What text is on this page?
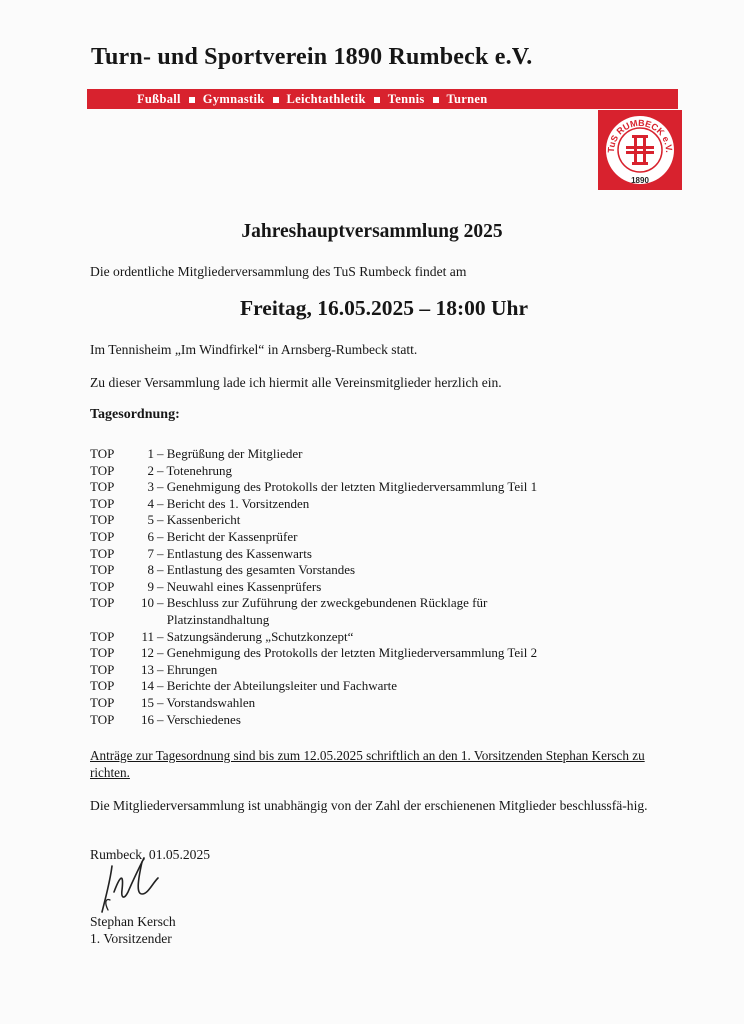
Turn- und Sportverein 1890 Rumbeck e.V.
Fußball Gymnastik Leichtathletik Tennis Turnen
TuS RUMBECK e.V.
1890
Jahreshauptversammlung 2025
Die ordentliche Mitgliederversammlung des TuS Rumbeck findet am
Freitag, 16.05.2025 – 18:00 Uhr
Im Tennisheim „Im Windfirkel“ in Arnsberg-Rumbeck statt.
Zu dieser Versammlung lade ich hiermit alle Vereinsmitglieder herzlich ein.
Tagesordnung:
TOP	1 – Begrüßung der Mitglieder
TOP	2 – Totenehrung
TOP	3 – Genehmigung des Protokolls der letzten Mitgliederversammlung Teil 1
TOP	4 – Bericht des 1. Vorsitzenden
TOP	5 – Kassenbericht
TOP	6 – Bericht der Kassenprüfer
TOP	7 – Entlastung des Kassenwarts
TOP	8 – Entlastung des gesamten Vorstandes
TOP	9 – Neuwahl eines Kassenprüfers
TOP	10 – Beschluss zur Zuführung der zweckgebundenen Rücklage für
Platzinstandhaltung
TOP	11 – Satzungsänderung „Schutzkonzept“
TOP	12 – Genehmigung des Protokolls der letzten Mitgliederversammlung Teil 2
TOP	13 – Ehrungen
TOP	14 – Berichte der Abteilungsleiter und Fachwarte
TOP	15 – Vorstandswahlen
TOP	16 – Verschiedenes
Anträge zur Tagesordnung sind bis zum 12.05.2025 schriftlich an den 1. Vorsitzenden Stephan Kersch zu richten.
Die Mitgliederversammlung ist unabhängig von der Zahl der erschienenen Mitglieder beschlussfä-hig.
Rumbeck, 01.05.2025
Stephan Kersch
1. Vorsitzender
